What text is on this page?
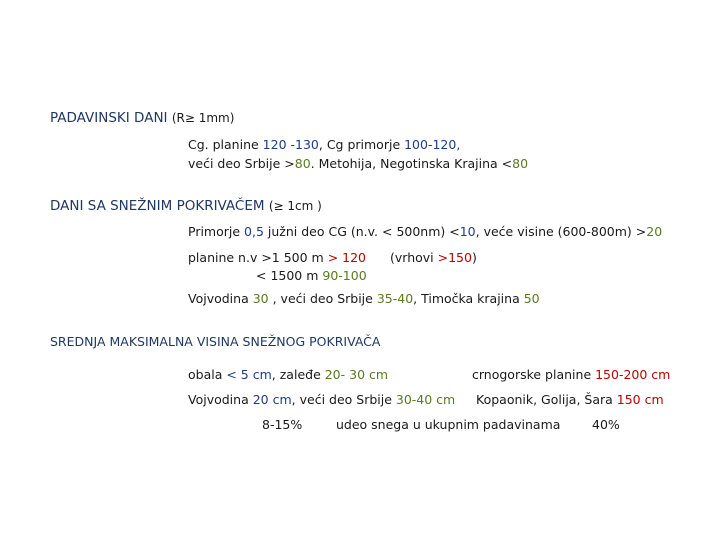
PADAVINSKI DANI (R≥ 1mm)
Cg. planine 120 -130, Cg primorje 100-120,
veći deo Srbije >80. Metohija, Negotinska Krajina <80
DANI SA SNEŽNIM POKRIVAČEM (≥ 1cm )
Primorje 0,5 južni deo CG (n.v. < 500nm) <10, veće visine (600-800m) >20
planine n.v >1 500 m > 120 (vrhovi >150)
< 1500 m 90-100
Vojvodina 30 , veći deo Srbije 35-40, Timočka krajina 50
SREDNJA MAKSIMALNA VISINA SNEŽNOG POKRIVAČA
obala < 5 cm, zaleđe 20- 30 cm	crnogorske planine 150-200 cm
Vojvodina 20 cm, veći deo Srbije 30-40 cm Kopaonik, Golija, Šara 150 cm
8-15%	udeo snega u ukupnim padavinama	40%
